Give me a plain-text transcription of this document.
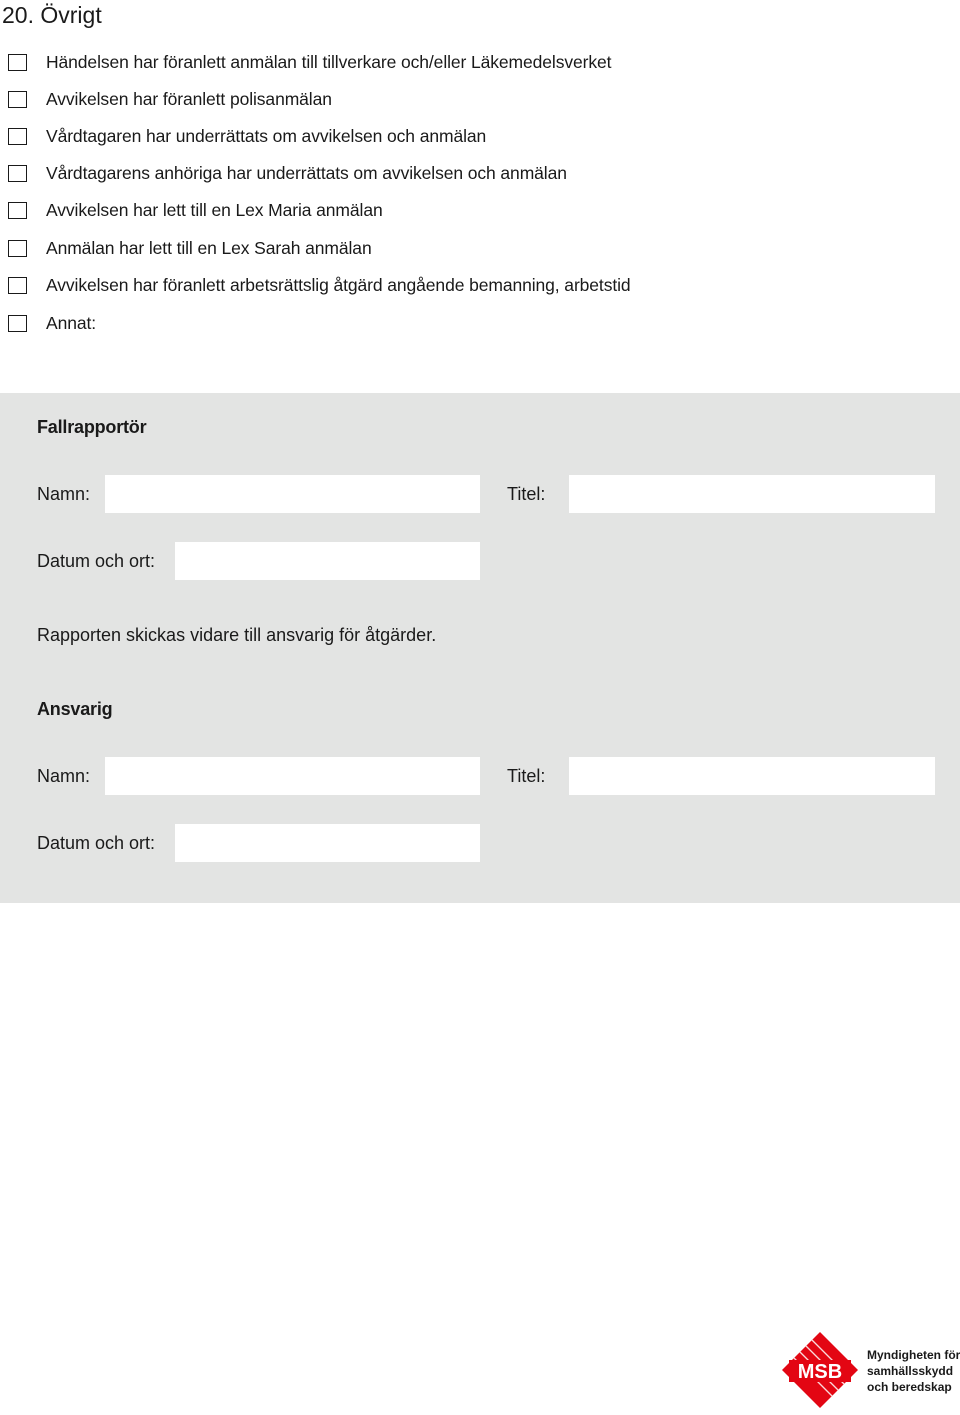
20. Övrigt
Händelsen har föranlett anmälan till tillverkare och/eller Läkemedelsverket
Avvikelsen har föranlett polisanmälan
Vårdtagaren har underrättats om avvikelsen och anmälan
Vårdtagarens anhöriga har underrättats om avvikelsen och anmälan
Avvikelsen har lett till en Lex Maria anmälan
Anmälan har lett till en Lex Sarah anmälan
Avvikelsen har föranlett arbetsrättslig åtgärd angående bemanning, arbetstid
Annat:
Fallrapportör
Namn:	Titel:
Datum och ort:
Rapporten skickas vidare till ansvarig för åtgärder.
Ansvarig
Namn:	Titel:
Datum och ort:
MSB
Myndigheten för
samhällsskydd
och beredskap
